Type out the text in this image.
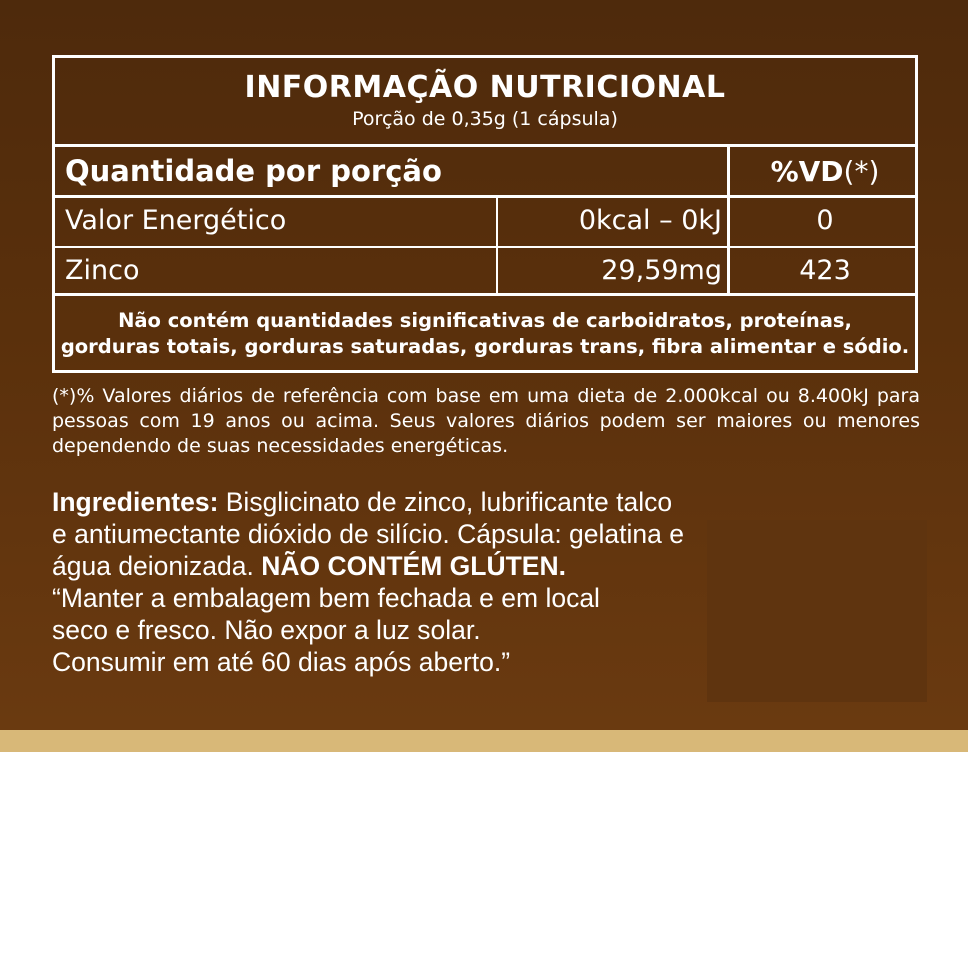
INFORMAÇÃO NUTRICIONAL
Porção de 0,35g (1 cápsula)
Quantidade por porção	%VD (*)
Valor Energético	0kcal – 0kJ	0
Zinco	29,59mg	423
Não contém quantidades significativas de carboidratos, proteínas,
gorduras totais, gorduras saturadas, gorduras trans, fibra alimentar e sódio.
(*)% Valores diários de referência com base em uma dieta de 2.000kcal ou 8.400kJ para pessoas com 19 anos ou acima. Seus valores diários podem ser maiores ou menores dependendo de suas necessidades energéticas.
Ingredientes: Bisglicinato de zinco, lubrificante talco e antiumectante dióxido de silício. Cápsula: gelatina e água deionizada. NÃO CONTÉM GLÚTEN.
“Manter a embalagem bem fechada e em local
seco e fresco. Não expor a luz solar.
Consumir em até 60 dias após aberto.”
